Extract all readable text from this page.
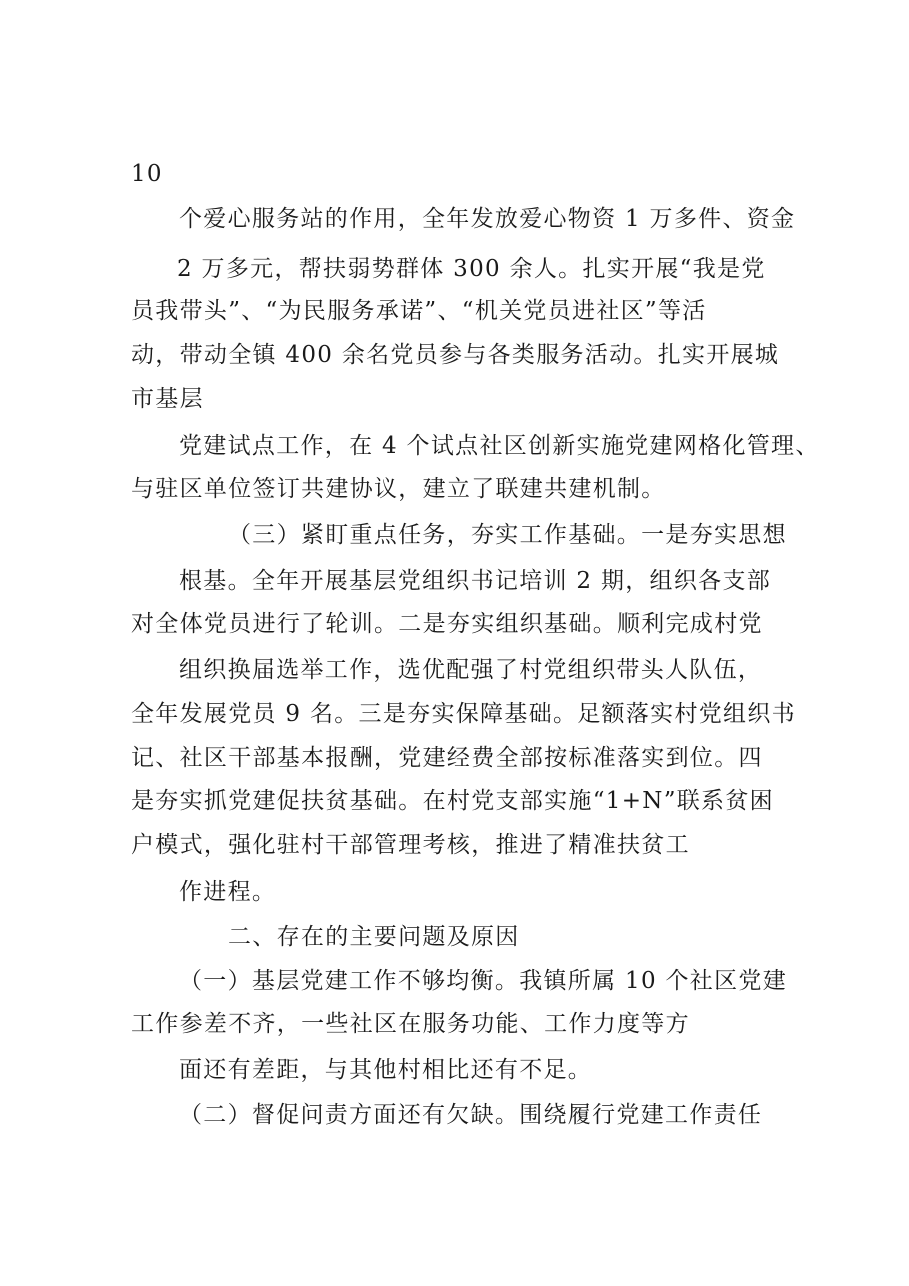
10
个爱心服务站的作用，全年发放爱心物资 1 万多件、资金
2 万多元，帮扶弱势群体 300 余人。扎实开展“我是党
员我带头”、“为民服务承诺”、“机关党员进社区”等活
动，带动全镇 400 余名党员参与各类服务活动。扎实开展城
市基层
党建试点工作，在 4 个试点社区创新实施党建网格化管理、
与驻区单位签订共建协议，建立了联建共建机制。
（三）紧盯重点任务，夯实工作基础。一是夯实思想
根基。全年开展基层党组织书记培训 2 期，组织各支部
对全体党员进行了轮训。二是夯实组织基础。顺利完成村党
组织换届选举工作，选优配强了村党组织带头人队伍，
全年发展党员 9 名。三是夯实保障基础。足额落实村党组织书
记、社区干部基本报酬，党建经费全部按标准落实到位。四
是夯实抓党建促扶贫基础。在村党支部实施“1+N”联系贫困
户模式，强化驻村干部管理考核，推进了精准扶贫工
作进程。
二、存在的主要问题及原因
（一）基层党建工作不够均衡。我镇所属 10 个社区党建
工作参差不齐，一些社区在服务功能、工作力度等方
面还有差距，与其他村相比还有不足。
（二）督促问责方面还有欠缺。围绕履行党建工作责任
